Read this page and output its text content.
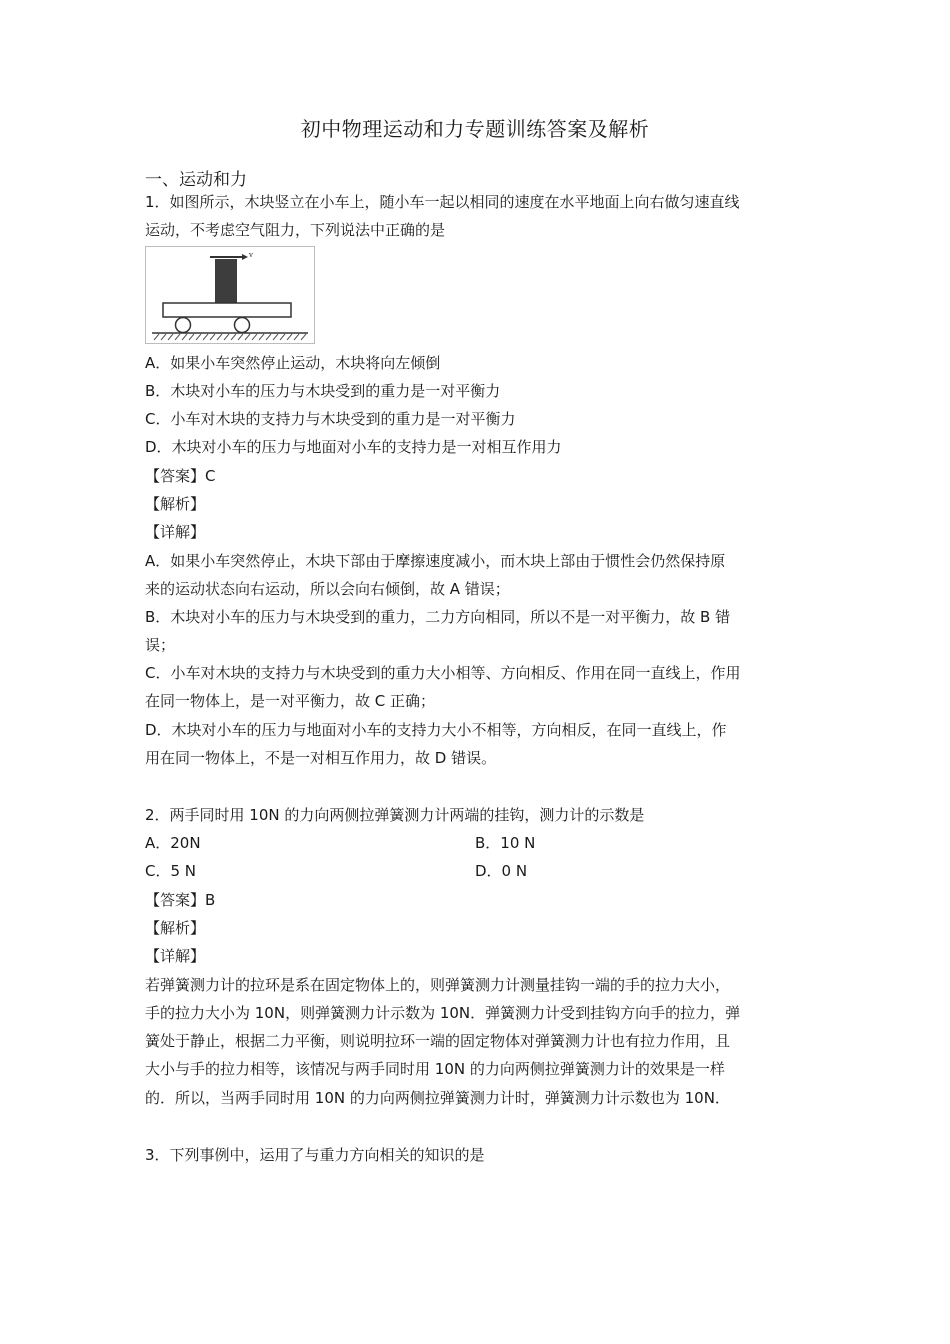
初中物理运动和力专题训练答案及解析
一、运动和力
1．如图所示，木块竖立在小车上，随小车一起以相同的速度在水平地面上向右做匀速直线
运动，不考虑空气阻力，下列说法中正确的是
v
A．如果小车突然停止运动，木块将向左倾倒
B．木块对小车的压力与木块受到的重力是一对平衡力
C．小车对木块的支持力与木块受到的重力是一对平衡力
D．木块对小车的压力与地面对小车的支持力是一对相互作用力
【答案】C
【解析】
【详解】
A．如果小车突然停止，木块下部由于摩擦速度减小，而木块上部由于惯性会仍然保持原
来的运动状态向右运动，所以会向右倾倒，故 A 错误；
B．木块对小车的压力与木块受到的重力，二力方向相同，所以不是一对平衡力，故 B 错
误；
C．小车对木块的支持力与木块受到的重力大小相等、方向相反、作用在同一直线上，作用
在同一物体上，是一对平衡力，故 C 正确；
D．木块对小车的压力与地面对小车的支持力大小不相等，方向相反，在同一直线上，作
用在同一物体上，不是一对相互作用力，故 D 错误。
2．两手同时用 10N 的力向两侧拉弹簧测力计两端的挂钩，测力计的示数是
A．20N	B．10 N
C．5 N	D．0 N
【答案】B
【解析】
【详解】
若弹簧测力计的拉环是系在固定物体上的，则弹簧测力计测量挂钩一端的手的拉力大小，
手的拉力大小为 10N，则弹簧测力计示数为 10N．弹簧测力计受到挂钩方向手的拉力，弹
簧处于静止，根据二力平衡，则说明拉环一端的固定物体对弹簧测力计也有拉力作用，且
大小与手的拉力相等，该情况与两手同时用 10N 的力向两侧拉弹簧测力计的效果是一样
的．所以，当两手同时用 10N 的力向两侧拉弹簧测力计时，弹簧测力计示数也为 10N．
3．下列事例中，运用了与重力方向相关的知识的是
